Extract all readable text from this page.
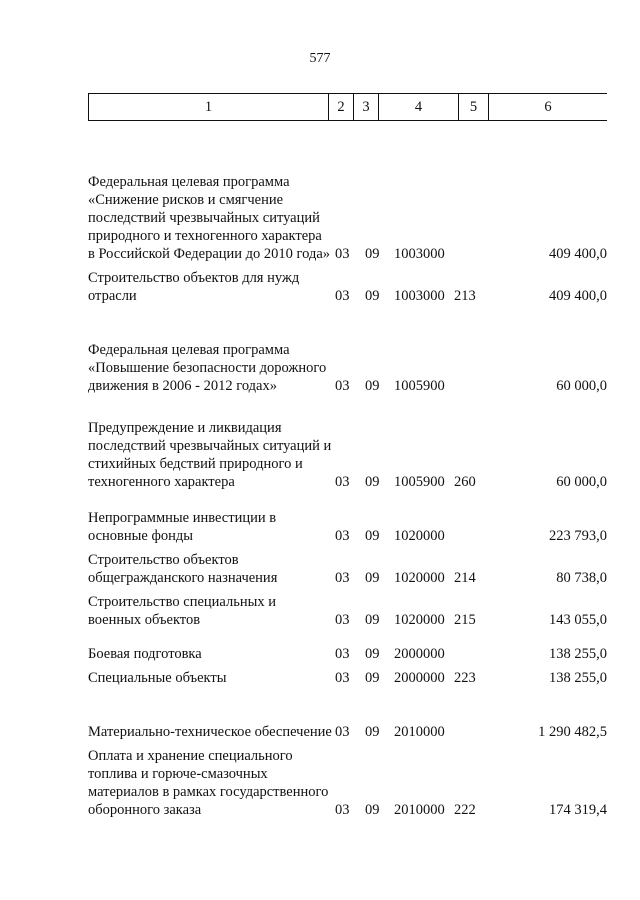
577
1	2	3	4	5	6
Федеральная целевая программа «Снижение рисков и смягчение последствий чрезвычайных ситуаций природного и техногенного характера в Российской Федерации до 2010 года» 03 09 1003000	409 400,0
Строительство объектов для нужд отрасли	03 09 1003000 213	409 400,0
Федеральная целевая программа «Повышение безопасности дорожного движения в 2006 - 2012 годах»	03 09 1005900	60 000,0
Предупреждение и ликвидация последствий чрезвычайных ситуаций и стихийных бедствий природного и техногенного характера	03 09 1005900 260	60 000,0
Непрограммные инвестиции в основные фонды	03 09 1020000	223 793,0
Строительство объектов общегражданского назначения	03 09 1020000 214	80 738,0
Строительство специальных и военных объектов	03 09 1020000 215	143 055,0
Боевая подготовка	03 09 2000000	138 255,0
Специальные объекты	03 09 2000000 223	138 255,0
Материально-техническое обеспечение 03 09 2010000	1 290 482,5
Оплата и хранение специального топлива и горюче-смазочных материалов в рамках государственного оборонного заказа	03 09 2010000 222	174 319,4
